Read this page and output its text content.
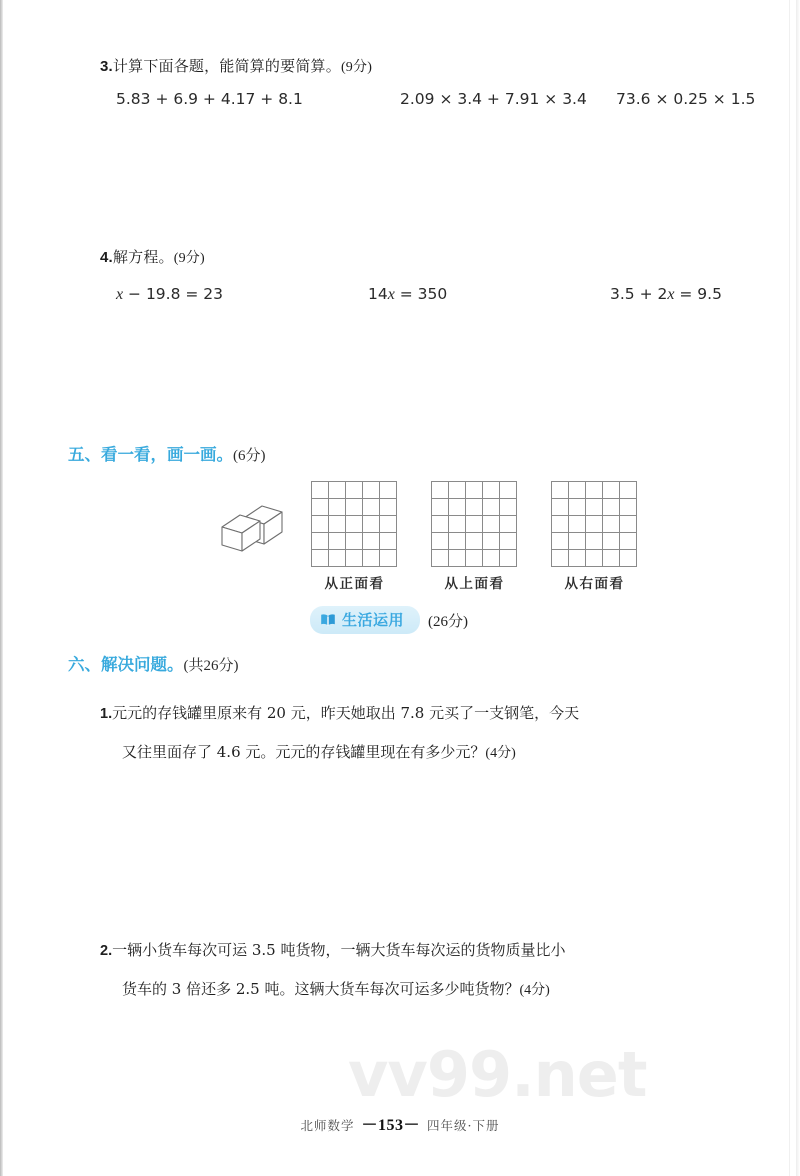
3.计算下面各题，能简算的要简算。(9分)
5.83 + 6.9 + 4.17 + 8.1	2.09 × 3.4 + 7.91 × 3.4 73.6 × 0.25 × 1.5
4.解方程。(9分)
x − 19.8 = 23	14x = 350	3.5 + 2x = 9.5
五、看一看，画一画。(6分)
从正面看	从上面看	从右面看
生活运用 (26分)
六、解决问题。(共26分)
1.元元的存钱罐里原来有 20 元，昨天她取出 7.8 元买了一支钢笔，今天
又往里面存了 4.6 元。元元的存钱罐里现在有多少元？(4分)
2.一辆小货车每次可运 3.5 吨货物，一辆大货车每次运的货物质量比小
货车的 3 倍还多 2.5 吨。这辆大货车每次可运多少吨货物？(4分)
vv99.net
北师数学 －153－ 四年级·下册
